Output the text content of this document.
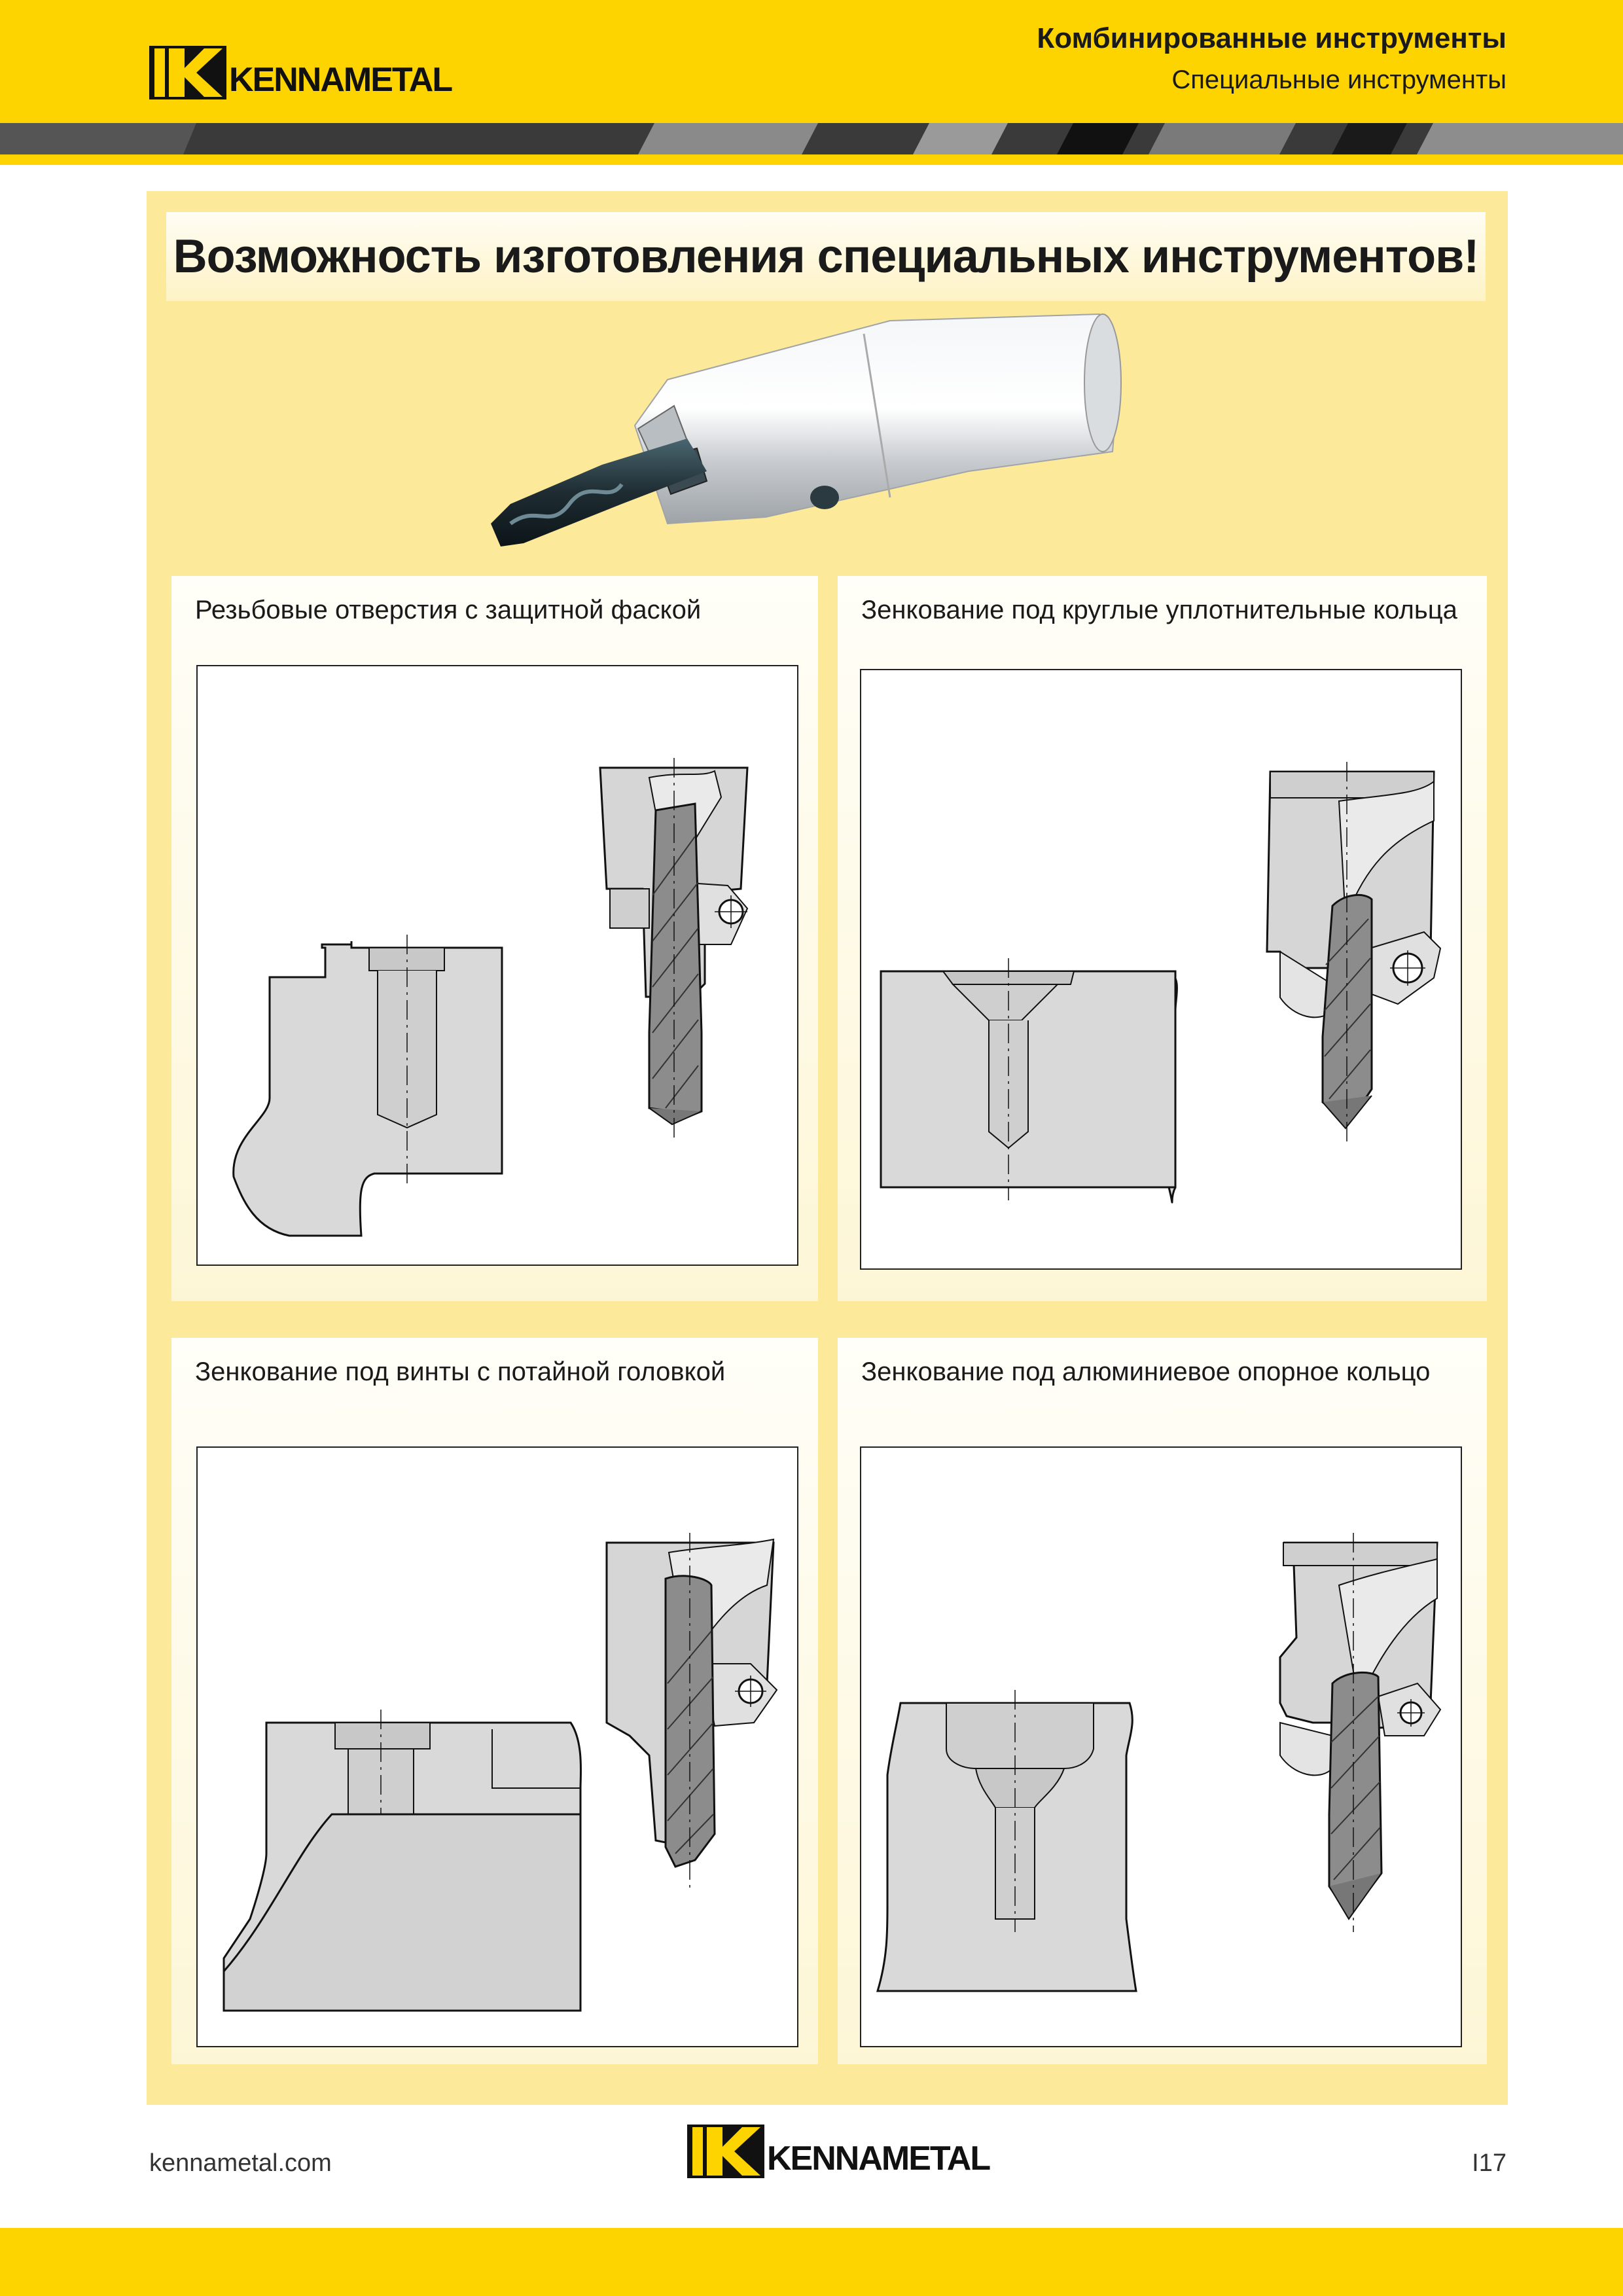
KENNAMETAL
Комбинированные инструменты
Специальные инструменты
Возможность изготовления специальных инструментов!
Резьбовые отверстия с защитной фаской	Зенкование под круглые уплотнительные кольца
Зенкование под винты с потайной головкой	Зенкование под алюминиевое опорное кольцо
kennametal.com	KENNAMETAL	I17
